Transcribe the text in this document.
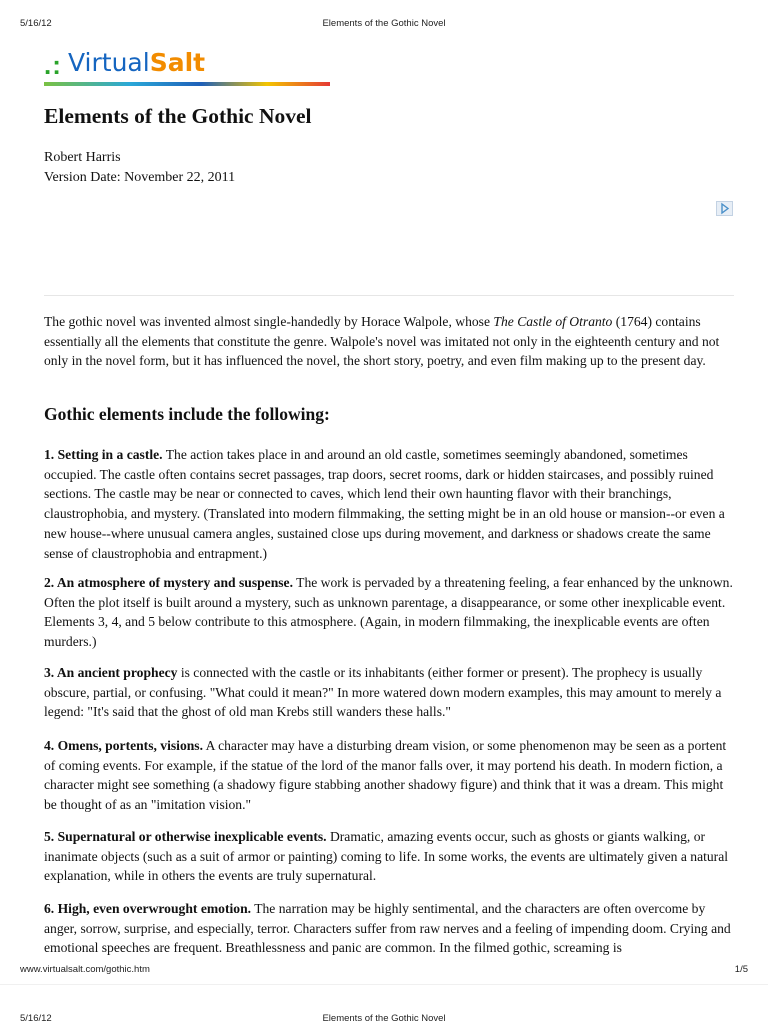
5/16/12	Elements of the Gothic Novel
.: VirtualSalt
Elements of the Gothic Novel
Robert Harris
Version Date: November 22, 2011

The gothic novel was invented almost single-handedly by Horace Walpole, whose The Castle of Otranto (1764) contains essentially all the elements that constitute the genre. Walpole's novel was imitated not only in the eighteenth century and not only in the novel form, but it has influenced the novel, the short story, poetry, and even film making up to the present day.

Gothic elements include the following:

1. Setting in a castle. The action takes place in and around an old castle, sometimes seemingly abandoned, sometimes occupied. The castle often contains secret passages, trap doors, secret rooms, dark or hidden staircases, and possibly ruined sections. The castle may be near or connected to caves, which lend their own haunting flavor with their branchings, claustrophobia, and mystery. (Translated into modern filmmaking, the setting might be in an old house or mansion--or even a new house--where unusual camera angles, sustained close ups during movement, and darkness or shadows create the same sense of claustrophobia and entrapment.)

2. An atmosphere of mystery and suspense. The work is pervaded by a threatening feeling, a fear enhanced by the unknown. Often the plot itself is built around a mystery, such as unknown parentage, a disappearance, or some other inexplicable event. Elements 3, 4, and 5 below contribute to this atmosphere. (Again, in modern filmmaking, the inexplicable events are often murders.)

3. An ancient prophecy is connected with the castle or its inhabitants (either former or present). The prophecy is usually obscure, partial, or confusing. "What could it mean?" In more watered down modern examples, this may amount to merely a legend: "It's said that the ghost of old man Krebs still wanders these halls."

4. Omens, portents, visions. A character may have a disturbing dream vision, or some phenomenon may be seen as a portent of coming events. For example, if the statue of the lord of the manor falls over, it may portend his death. In modern fiction, a character might see something (a shadowy figure stabbing another shadowy figure) and think that it was a dream. This might be thought of as an "imitation vision."

5. Supernatural or otherwise inexplicable events. Dramatic, amazing events occur, such as ghosts or giants walking, or inanimate objects (such as a suit of armor or painting) coming to life. In some works, the events are ultimately given a natural explanation, while in others the events are truly supernatural.

6. High, even overwrought emotion. The narration may be highly sentimental, and the characters are often overcome by anger, sorrow, surprise, and especially, terror. Characters suffer from raw nerves and a feeling of impending doom. Crying and emotional speeches are frequent. Breathlessness and panic are common. In the filmed gothic, screaming is

www.virtualsalt.com/gothic.htm	1/5
5/16/12	Elements of the Gothic Novel
